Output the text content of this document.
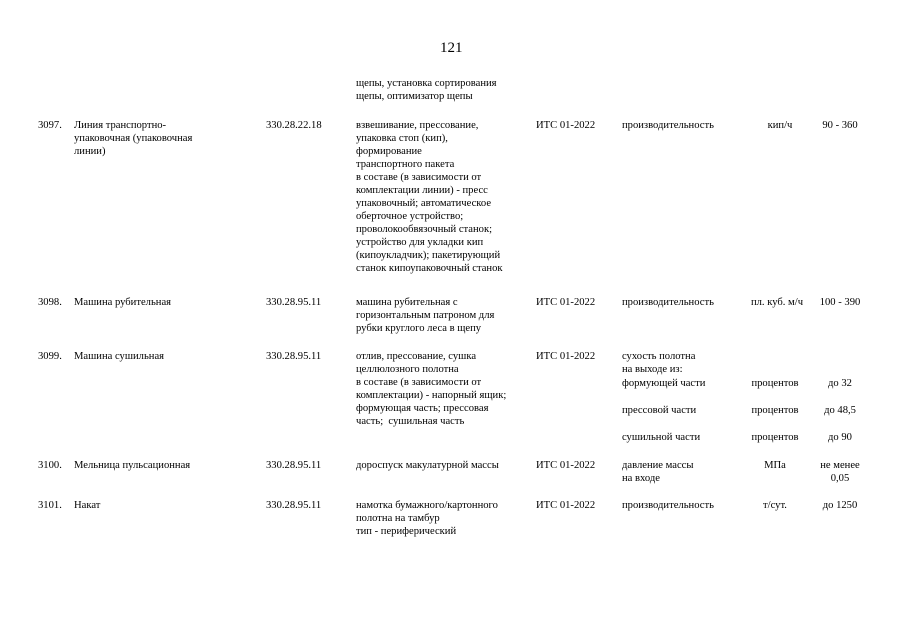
121
щепы, установка сортирования
щепы, оптимизатор щепы
3097. Линия транспортно-
упаковочная (упаковочная
линии)
330.28.22.18	взвешивание, прессование,
упаковка стоп (кип),
формирование
транспортного пакета
в составе (в зависимости от
комплектации линии) - пресс
упаковочный; автоматическое
оберточное устройство;
проволокообвязочный станок;
устройство для укладки кип
(кипоукладчик); пакетирующий
станок кипоупаковочный станок
ИТС 01-2022	производительность	кип/ч	90 - 360
3098. Машина рубительная	330.28.95.11	машина рубительная с
горизонтальным патроном для
рубки круглого леса в щепу
ИТС 01-2022	производительность	пл. куб. м/ч	100 - 390
3099. Машина сушильная	330.28.95.11	отлив, прессование, сушка
целлюлозного полотна
в составе (в зависимости от
комплектации) - напорный ящик;
формующая часть; прессовая
часть;  сушильная часть
ИТС 01-2022	сухость полотна
на выходе из:
формующей части	процентов	до 32
прессовой части	процентов	до 48,5
сушильной части	процентов	до 90
3100. Мельница пульсационная	330.28.95.11	дороспуск макулатурной массы	ИТС 01-2022	давление массы
на входе
МПа	не менее
0,05
3101. Накат	330.28.95.11	намотка бумажного/картонного
полотна на тамбур
тип - периферический
ИТС 01-2022	производительность	т/сут.	до 1250
